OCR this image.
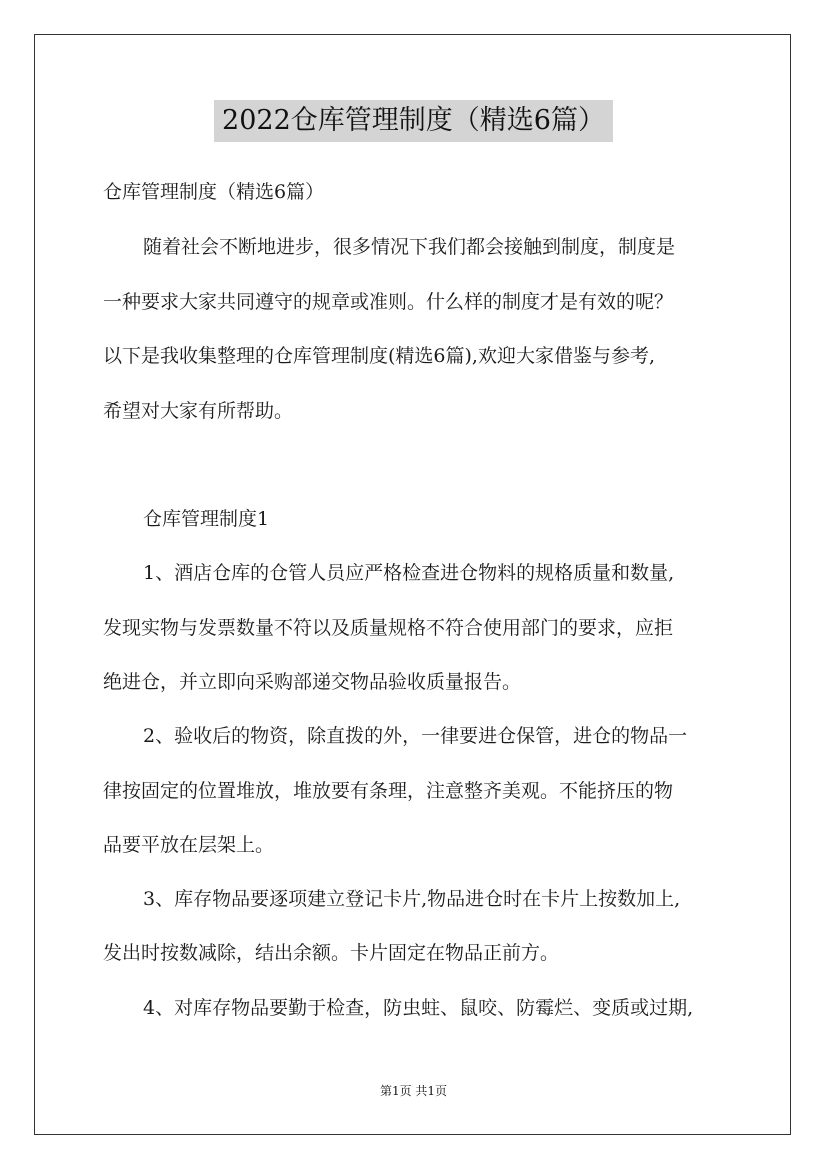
2022仓库管理制度（精选6篇）
仓库管理制度（精选6篇）
随着社会不断地进步，很多情况下我们都会接触到制度，制度是
一种要求大家共同遵守的规章或准则。什么样的制度才是有效的呢？
以下是我收集整理的仓库管理制度(精选6篇),欢迎大家借鉴与参考,
希望对大家有所帮助。
仓库管理制度1
1、酒店仓库的仓管人员应严格检查进仓物料的规格质量和数量,
发现实物与发票数量不符以及质量规格不符合使用部门的要求，应拒
绝进仓，并立即向采购部递交物品验收质量报告。
2、验收后的物资，除直拨的外，一律要进仓保管，进仓的物品一
律按固定的位置堆放，堆放要有条理，注意整齐美观。不能挤压的物
品要平放在层架上。
3、库存物品要逐项建立登记卡片,物品进仓时在卡片上按数加上,
发出时按数减除，结出余额。卡片固定在物品正前方。
4、对库存物品要勤于检查，防虫蛀、鼠咬、防霉烂、变质或过期,
第1页 共1页
